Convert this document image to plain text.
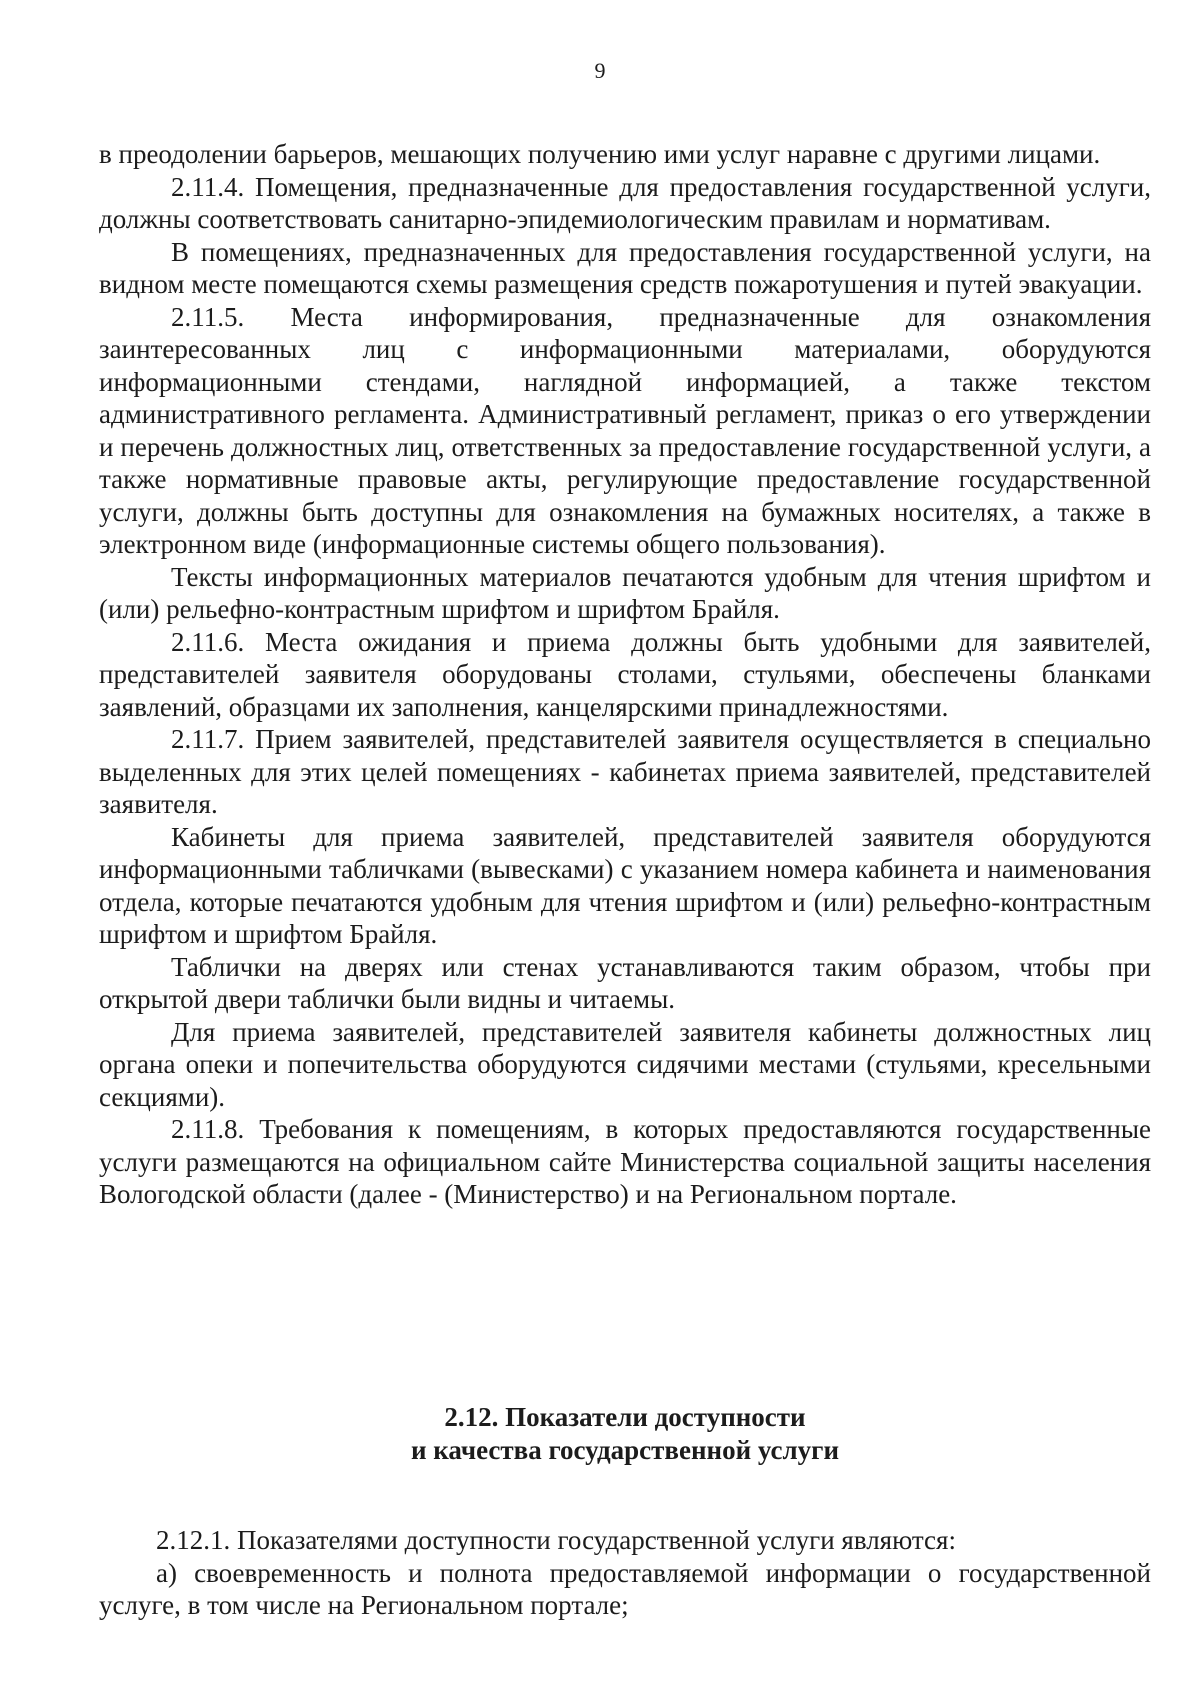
9

в преодолении барьеров, мешающих получению ими услуг наравне с другими лицами.

2.11.4. Помещения, предназначенные для предоставления государственной услуги, должны соответствовать санитарно-эпидемиологическим правилам и нормативам.

В помещениях, предназначенных для предоставления государственной услуги, на видном месте помещаются схемы размещения средств пожаротушения и путей эвакуации.

2.11.5. Места информирования, предназначенные для ознакомления заинтересованных лиц с информационными материалами, оборудуются информационными стендами, наглядной информацией, а также текстом административного регламента. Административный регламент, приказ о его утверждении и перечень должностных лиц, ответственных за предоставление государственной услуги, а также нормативные правовые акты, регулирующие предоставление государственной услуги, должны быть доступны для ознакомления на бумажных носителях, а также в электронном виде (информационные системы общего пользования).

Тексты информационных материалов печатаются удобным для чтения шрифтом и (или) рельефно-контрастным шрифтом и шрифтом Брайля.

2.11.6. Места ожидания и приема должны быть удобными для заявителей, представителей заявителя оборудованы столами, стульями, обеспечены бланками заявлений, образцами их заполнения, канцелярскими принадлежностями.

2.11.7. Прием заявителей, представителей заявителя осуществляется в специально выделенных для этих целей помещениях - кабинетах приема заявителей, представителей заявителя.

Кабинеты для приема заявителей, представителей заявителя оборудуются информационными табличками (вывесками) с указанием номера кабинета и наименования отдела, которые печатаются удобным для чтения шрифтом и (или) рельефно-контрастным шрифтом и шрифтом Брайля.

Таблички на дверях или стенах устанавливаются таким образом, чтобы при открытой двери таблички были видны и читаемы.

Для приема заявителей, представителей заявителя кабинеты должностных лиц органа опеки и попечительства оборудуются сидячими местами (стульями, кресельными секциями).

2.11.8. Требования к помещениям, в которых предоставляются государственные услуги размещаются на официальном сайте Министерства социальной защиты населения Вологодской области (далее - (Министерство) и на Региональном портале.

2.12. Показатели доступности
и качества государственной услуги

2.12.1. Показателями доступности государственной услуги являются:

а) своевременность и полнота предоставляемой информации о государственной услуге, в том числе на Региональном портале;
